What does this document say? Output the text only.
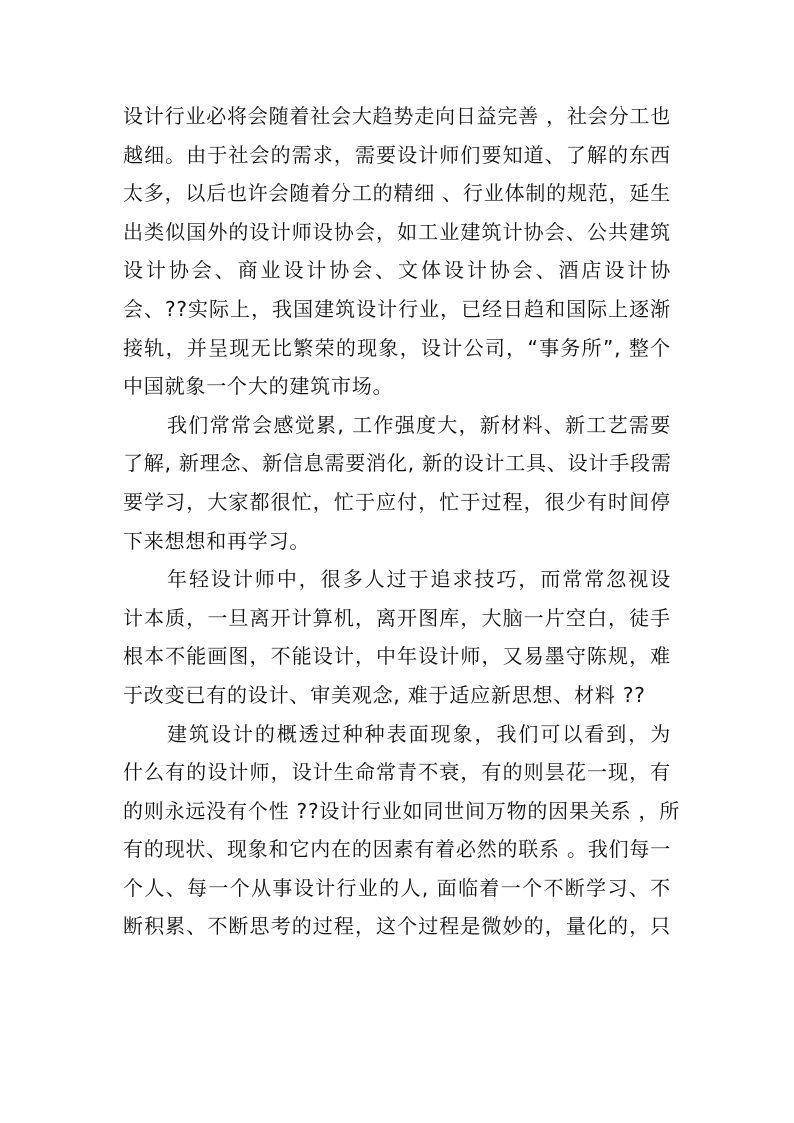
设计行业必将会随着社会大趋势走向日益完善 ，社会分工也
越细。由于社会的需求，需要设计师们要知道、了解的东西
太多，以后也许会随着分工的精细 、行业体制的规范，延生
出类似国外的设计师设协会，如工业建筑计协会、公共建筑
设计协会、商业设计协会、文体设计协会、酒店设计协
会、??实际上，我国建筑设计行业，已经日趋和国际上逐渐
接轨，并呈现无比繁荣的现象，设计公司，“事务所”, 整个
中国就象一个大的建筑市场。
我们常常会感觉累, 工作强度大，新材料、新工艺需要
了解, 新理念、新信息需要消化, 新的设计工具、设计手段需
要学习，大家都很忙，忙于应付，忙于过程，很少有时间停
下来想想和再学习。
年轻设计师中，很多人过于追求技巧，而常常忽视设
计本质，一旦离开计算机，离开图库，大脑一片空白，徒手
根本不能画图，不能设计，中年设计师，又易墨守陈规，难
于改变已有的设计、审美观念, 难于适应新思想、材料 ??
建筑设计的概透过种种表面现象，我们可以看到，为
什么有的设计师，设计生命常青不衰，有的则昙花一现，有
的则永远没有个性 ??设计行业如同世间万物的因果关系 ，所
有的现状、现象和它内在的因素有着必然的联系 。我们每一
个人、每一个从事设计行业的人, 面临着一个不断学习、不
断积累、不断思考的过程，这个过程是微妙的，量化的，只
